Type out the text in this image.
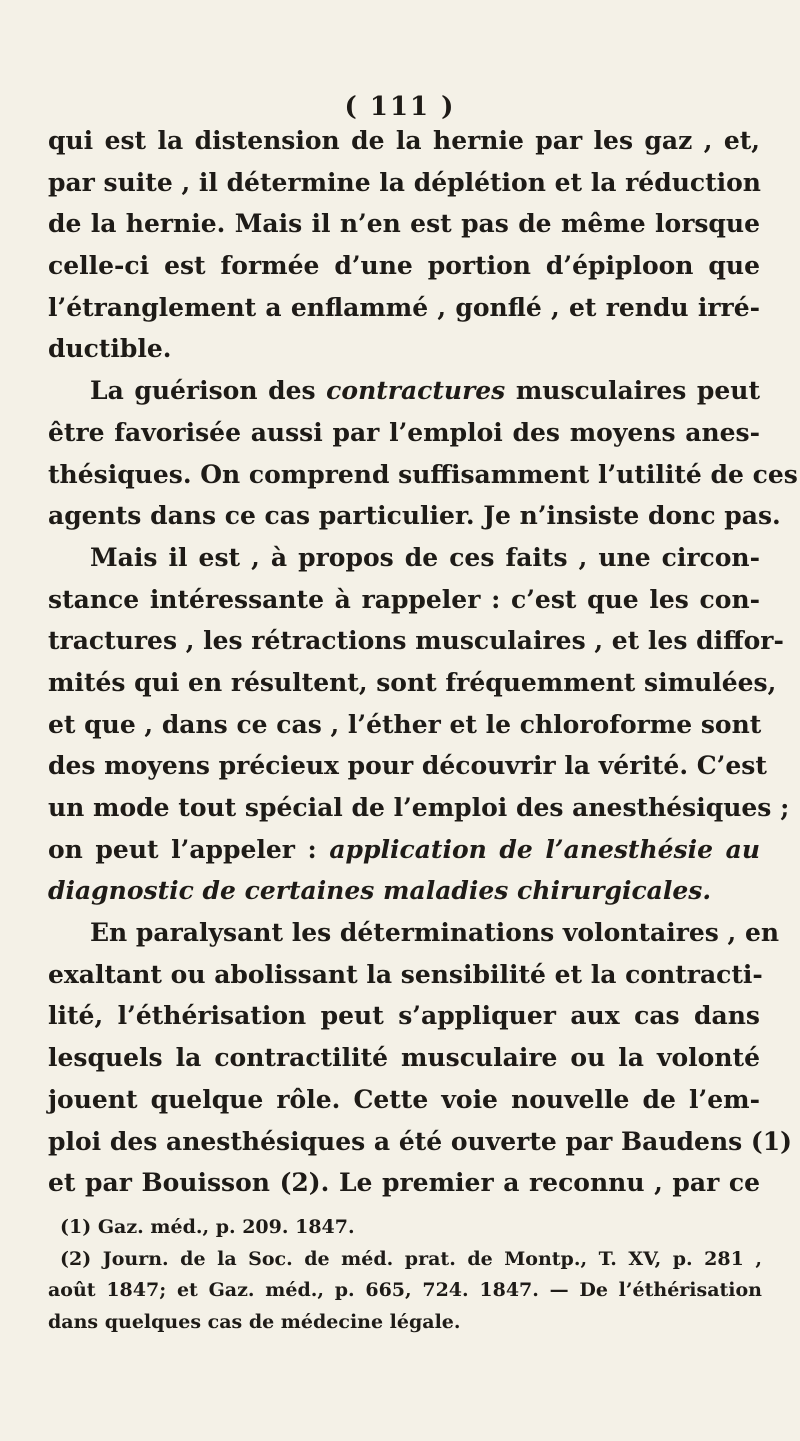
( 111 )
qui est la distension de la hernie par les gaz , et,
par suite , il détermine la déplétion et la réduction
de la hernie. Mais il n’en est pas de même lorsque
celle-ci est formée d’une portion d’épiploon que
l’étranglement a enflammé , gonflé , et rendu irré-
ductible.
La guérison des contractures musculaires peut
être favorisée aussi par l’emploi des moyens anes-
thésiques. On comprend suffisamment l’utilité de ces
agents dans ce cas particulier. Je n’insiste donc pas.
Mais il est , à propos de ces faits , une circon-
stance intéressante à rappeler : c’est que les con-
tractures , les rétractions musculaires , et les diffor-
mités qui en résultent, sont fréquemment simulées,
et que , dans ce cas , l’éther et le chloroforme sont
des moyens précieux pour découvrir la vérité. C’est
un mode tout spécial de l’emploi des anesthésiques ;
on peut l’appeler : application de l’anesthésie au
diagnostic de certaines maladies chirurgicales.
En paralysant les déterminations volontaires , en
exaltant ou abolissant la sensibilité et la contracti-
lité, l’éthérisation peut s’appliquer aux cas dans
lesquels la contractilité musculaire ou la volonté
jouent quelque rôle. Cette voie nouvelle de l’em-
ploi des anesthésiques a été ouverte par Baudens (1)
et par Bouisson (2). Le premier a reconnu , par ce
(1) Gaz. méd., p. 209. 1847.
(2) Journ. de la Soc. de méd. prat. de Montp., T. XV, p. 281 ,
août 1847; et Gaz. méd., p. 665, 724. 1847. — De l’éthérisation
dans quelques cas de médecine légale.
